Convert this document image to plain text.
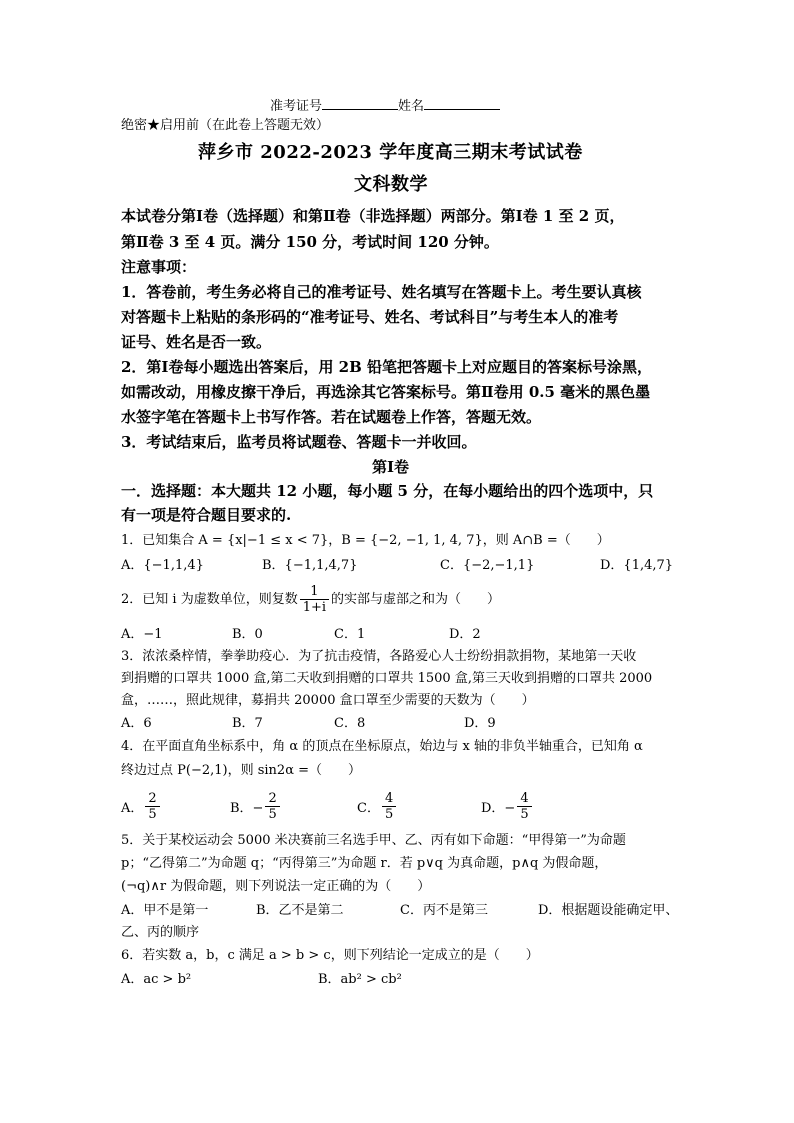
准考证号	姓名
绝密★启用前（在此卷上答题无效）
萍乡市 2022-2023 学年度高三期末考试试卷
文科数学
本试卷分第Ⅰ卷（选择题）和第Ⅱ卷（非选择题）两部分。第Ⅰ卷 1 至 2 页，
第Ⅱ卷 3 至 4 页。满分 150 分，考试时间 120 分钟。
注意事项：
1．答卷前，考生务必将自己的准考证号、姓名填写在答题卡上。考生要认真核
对答题卡上粘贴的条形码的“准考证号、姓名、考试科目”与考生本人的准考
证号、姓名是否一致。
2．第Ⅰ卷每小题选出答案后，用 2B 铅笔把答题卡上对应题目的答案标号涂黑，
如需改动，用橡皮擦干净后，再选涂其它答案标号。第Ⅱ卷用 0.5 毫米的黑色墨
水签字笔在答题卡上书写作答。若在试题卷上作答，答题无效。
3．考试结束后，监考员将试题卷、答题卡一并收回。
第Ⅰ卷
一．选择题：本大题共 12 小题，每小题 5 分，在每小题给出的四个选项中，只
有一项是符合题目要求的.
1．已知集合 A = {x|−1 ≤ x < 7}，B = {−2, −1, 1, 4, 7}，则 A∩B =（　　）
A．{−1,1,4}	B．{−1,1,4,7}	C．{−2,−1,1}	D．{1,4,7}
2．已知 i 为虚数单位，则复数 $\frac{1}{1+i}$ 的实部与虚部之和为（　　）
A．−1	B．0	C．1	D．2
3．浓浓桑梓情，拳拳助疫心．为了抗击疫情，各路爱心人士纷纷捐款捐物，某地第一天收
到捐赠的口罩共 1000 盒,第二天收到捐赠的口罩共 1500 盒,第三天收到捐赠的口罩共 2000
盒，……，照此规律，募捐共 20000 盒口罩至少需要的天数为（　　）
A．6	B．7	C．8	D．9
4．在平面直角坐标系中，角 α 的顶点在坐标原点，始边与 x 轴的非负半轴重合，已知角 α
终边过点 P(−2,1)，则 sin2α =（　　）
A． $\frac{2}{5}$	B．− $\frac{2}{5}$	C． $\frac{4}{5}$	D．− $\frac{4}{5}$
5．关于某校运动会 5000 米决赛前三名选手甲、乙、丙有如下命题：“甲得第一”为命题
p；“乙得第二”为命题 q；“丙得第三”为命题 r．若 p∨q 为真命题，p∧q 为假命题，
(¬q)∧r 为假命题，则下列说法一定正确的为（　　）
A．甲不是第一	B．乙不是第二	C．丙不是第三	D．根据题设能确定甲、
乙、丙的顺序
6．若实数 a，b，c 满足 a > b > c，则下列结论一定成立的是（　　）
A．ac > b²	B．ab² > cb²
